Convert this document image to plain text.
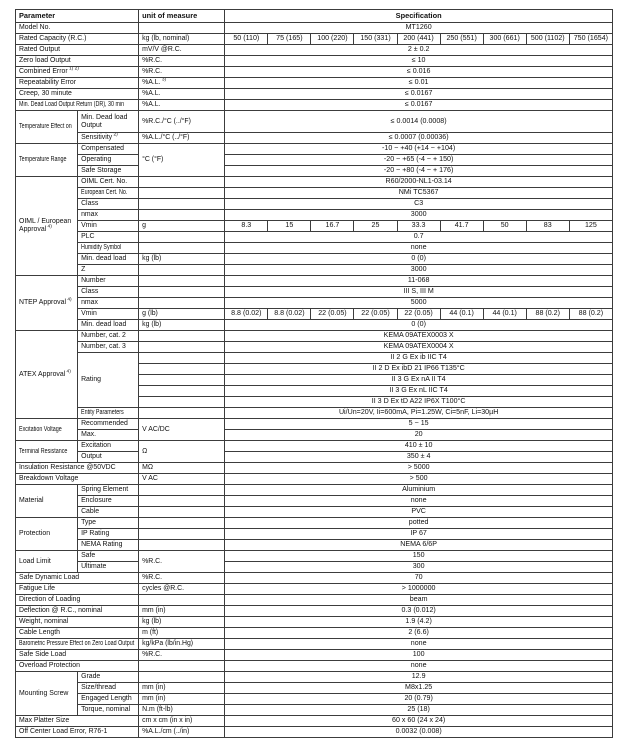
Parameter		unit of measure	Specification								
Model No.			MT1260								
Rated Capacity (R.C.)		kg (lb, nominal)	50 (110)	75 (165)	100 (220)	150 (331)	200 (441)	250 (551)	300 (661)	500 (1102)	750 (1654)
Rated Output		mV/V @R.C.	2 ± 0.2								
Zero load Output		%R.C.	≤ 10								
Combined Error $^{1) 2)}$		%R.C.	≤ 0.016								
Repeatability Error		%A.L. $^{3)}$	≤ 0.01								
Creep, 30 minute		%A.L.	≤ 0.0167								
Min. Dead Load Output Return (DR), 30 min		%A.L.	≤ 0.0167								
Temperature Effect on	Min. Dead load Output	%R.C./°C (../°F)	≤ 0.0014 (0.0008)								
	Sensitivity $^{2)}$	%A.L./°C (../°F)	≤ 0.0007 (0.00036)								
Temperature Range	Compensated	°C (°F)	-10 ~ +40 (+14 ~ +104)								
	Operating		-20 ~ +65 (-4 ~ + 150)								
	Safe Storage		-20 ~ +80 (-4 ~ + 176)								
OIML / European Approval $^{4)}$	OIML Cert. No.		R60/2000-NL1-03.14								
	European Cert. No.		NMi TC5367								
	Class		C3								
	nmax		3000								
	Vmin	g	8.3	15	16.7	25	33.3	41.7	50	83	125
	PLC		0.7								
	Humidity Symbol		none								
	Min. dead load	kg (lb)	0 (0)								
	Z		3000								
NTEP Approval $^{4)}$	Number		11-068								
	Class		III S, III M								
	nmax		5000								
	Vmin	g (lb)	8.8 (0.02)	8.8 (0.02)	22 (0.05)	22 (0.05)	22 (0.05)	44 (0.1)	44 (0.1)	88 (0.2)	88 (0.2)
	Min. dead load	kg (lb)	0 (0)								
ATEX Approval $^{4)}$	Number, cat. 2		KEMA 09ATEX0003 X								
	Number, cat. 3		KEMA 09ATEX0004 X								
	Rating		II 2 G Ex ib IIC T4								
			II 2 D Ex ibD 21 IP66 T135°C								
			II 3 G Ex nA II T4								
			II 3 G Ex nL IIC T4								
			II 3 D Ex tD A22 IP6X T100°C								
	Entity Parameters		Ui/Un=20V, Ii=600mA, Pi=1.25W, Ci=5nF, Li=30µH								
Excitation Voltage	Recommended	V AC/DC	5 ~ 15								
	Max.		20								
Terminal Resistance	Excitation	Ω	410 ± 10								
	Output		350 ± 4								
Insulation Resistance @50VDC		MΩ	> 5000								
Breakdown Voltage		V AC	> 500								
Material	Spring Element		Aluminium								
	Enclosure		none								
	Cable		PVC								
Protection	Type		potted								
	IP Rating		IP 67								
	NEMA Rating		NEMA 6/6P								
Load Limit	Safe	%R.C.	150								
	Ultimate		300								
Safe Dynamic Load		%R.C.	70								
Fatigue Life		cycles @R.C.	> 1000000								
Direction of Loading			beam								
Deflection @ R.C., nominal		mm (in)	0.3 (0.012)								
Weight, nominal		kg (lb)	1.9 (4.2)								
Cable Length		m (ft)	2 (6.6)								
Barometric Pressure Effect on Zero Load Output		kg/kPa (lb/in.Hg)	none								
Safe Side Load		%R.C.	100								
Overload Protection			none								
Mounting Screw	Grade		12.9								
	Size/thread	mm (in)	M8x1.25								
	Engaged Length	mm (in)	20 (0.79)								
	Torque, nominal	N.m (ft-lb)	25 (18)								
Max Platter Size		cm x cm (in x in)	60 x 60 (24 x 24)								
Off Center Load Error, R76-1		%A.L./cm (../in)	0.0032 (0.008)								
